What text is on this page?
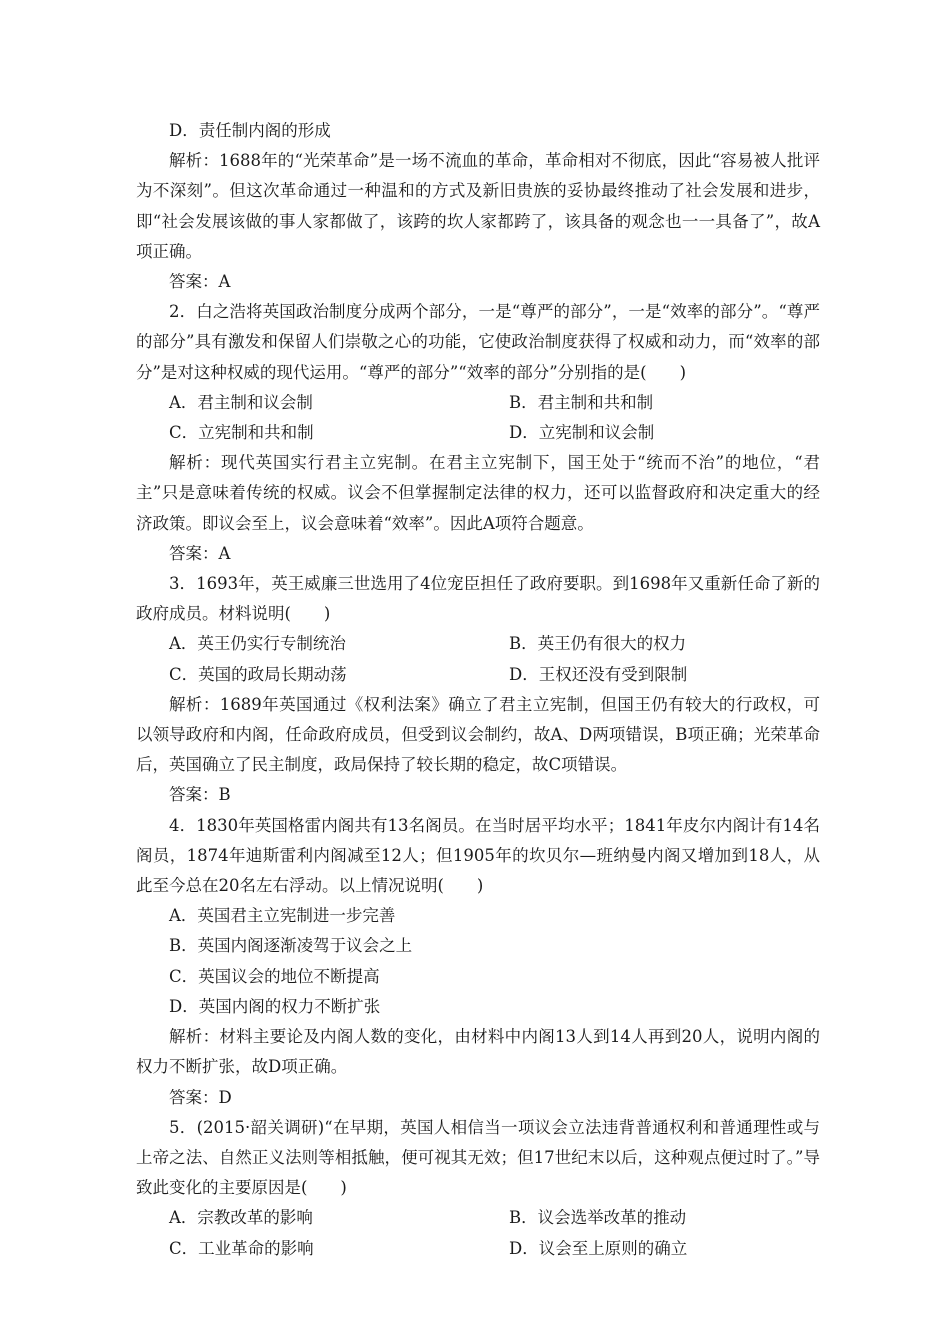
D．责任制内阁的形成

解析：1688年的“光荣革命”是一场不流血的革命，革命相对不彻底，因此“容易被人批评为不深刻”。但这次革命通过一种温和的方式及新旧贵族的妥协最终推动了社会发展和进步，即“社会发展该做的事人家都做了，该跨的坎人家都跨了，该具备的观念也一一具备了”，故A项正确。

答案：A

2．白之浩将英国政治制度分成两个部分，一是“尊严的部分”，一是“效率的部分”。“尊严的部分”具有激发和保留人们崇敬之心的功能，它使政治制度获得了权威和动力，而“效率的部分”是对这种权威的现代运用。“尊严的部分”“效率的部分”分别指的是(　　)

A．君主制和议会制	B．君主制和共和制
C．立宪制和共和制	D．立宪制和议会制

解析：现代英国实行君主立宪制。在君主立宪制下，国王处于“统而不治”的地位，“君主”只是意味着传统的权威。议会不但掌握制定法律的权力，还可以监督政府和决定重大的经济政策。即议会至上，议会意味着“效率”。因此A项符合题意。

答案：A

3．1693年，英王威廉三世选用了4位宠臣担任了政府要职。到1698年又重新任命了新的政府成员。材料说明(　　)

A．英王仍实行专制统治	B．英王仍有很大的权力
C．英国的政局长期动荡	D．王权还没有受到限制

解析：1689年英国通过《权利法案》确立了君主立宪制，但国王仍有较大的行政权，可以领导政府和内阁，任命政府成员，但受到议会制约，故A、D两项错误，B项正确；光荣革命后，英国确立了民主制度，政局保持了较长期的稳定，故C项错误。

答案：B

4．1830年英国格雷内阁共有13名阁员。在当时居平均水平；1841年皮尔内阁计有14名阁员，1874年迪斯雷利内阁减至12人；但1905年的坎贝尔—班纳曼内阁又增加到18人，从此至今总在20名左右浮动。以上情况说明(　　)

A．英国君主立宪制进一步完善

B．英国内阁逐渐凌驾于议会之上

C．英国议会的地位不断提高

D．英国内阁的权力不断扩张

解析：材料主要论及内阁人数的变化，由材料中内阁13人到14人再到20人，说明内阁的权力不断扩张，故D项正确。

答案：D

5．(2015·韶关调研)“在早期，英国人相信当一项议会立法违背普通权利和普通理性或与上帝之法、自然正义法则等相抵触，便可视其无效；但17世纪末以后，这种观点便过时了。”导致此变化的主要原因是(　　)

A．宗教改革的影响	B．议会选举改革的推动
C．工业革命的影响	D．议会至上原则的确立
